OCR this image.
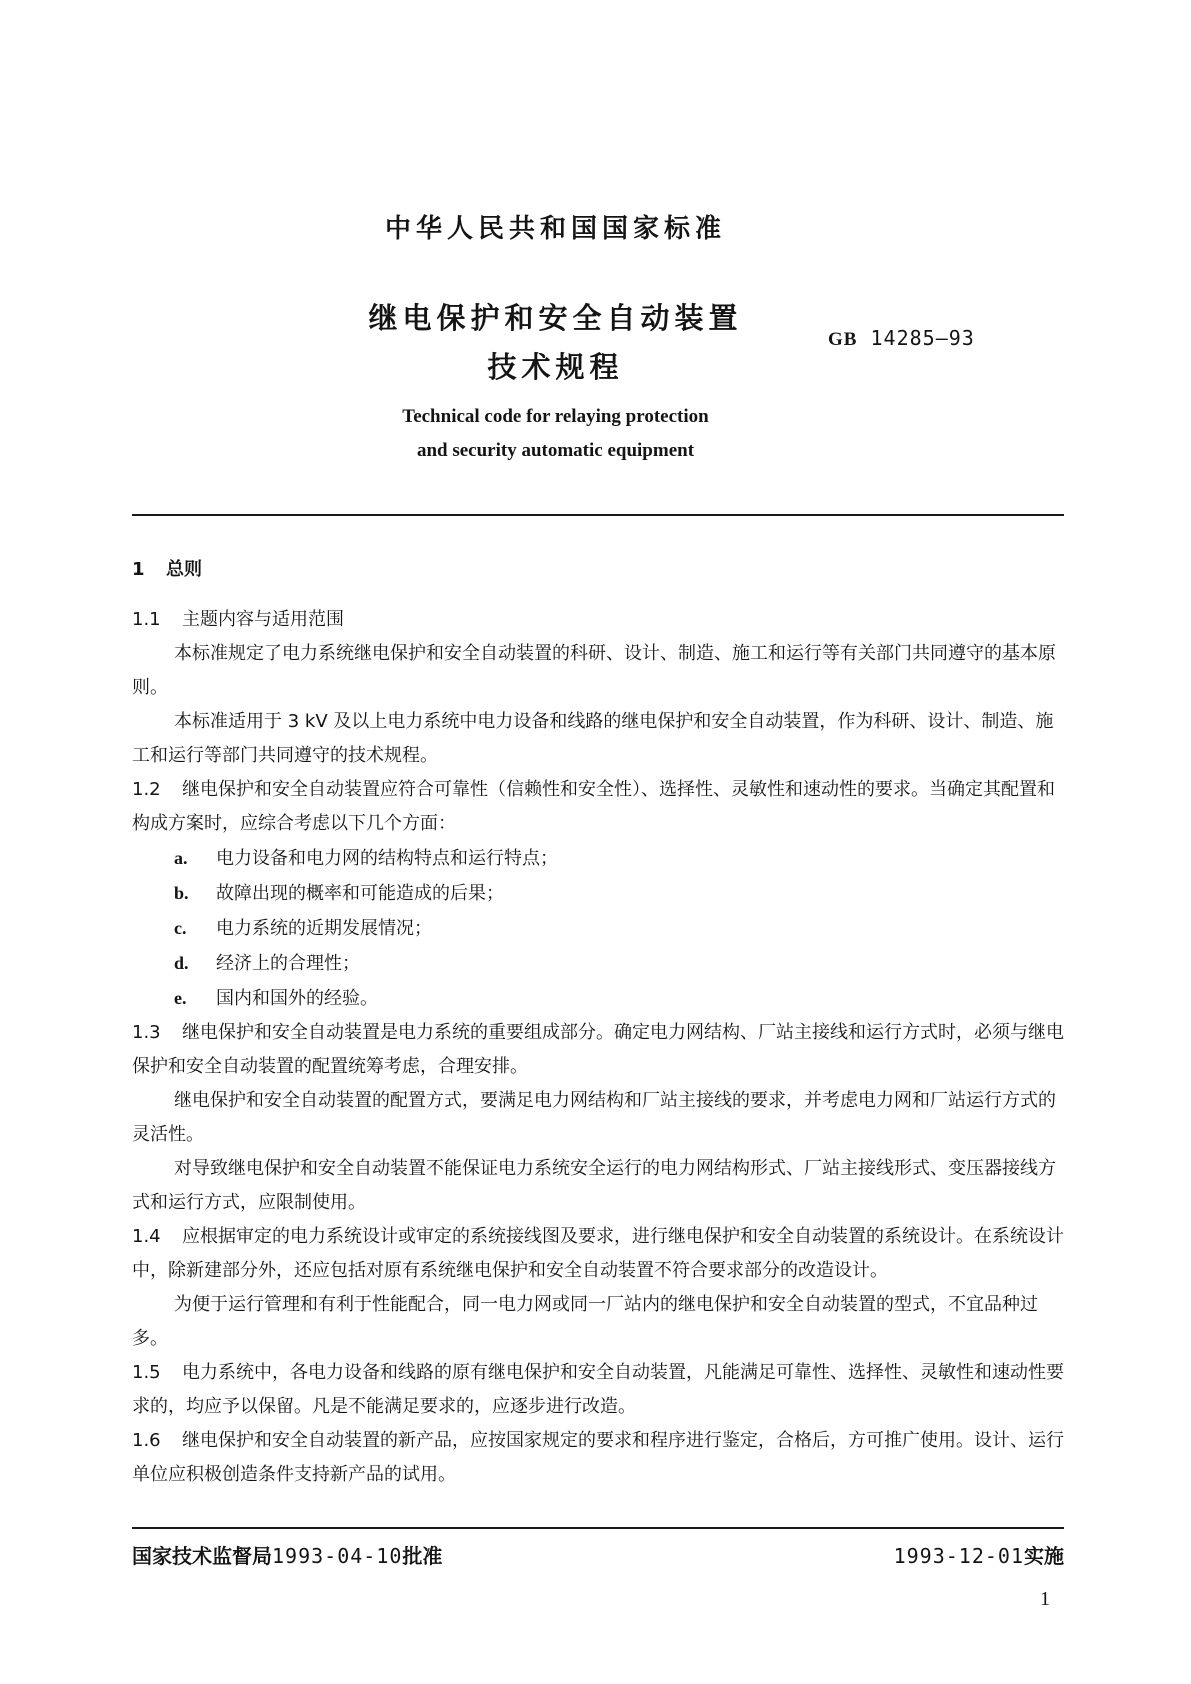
中华人民共和国国家标准
继电保护和安全自动装置
技术规程
GB 14285—93
Technical code for relaying protection
and security automatic equipment

1 总则

1.1 主题内容与适用范围

本标准规定了电力系统继电保护和安全自动装置的科研、设计、制造、施工和运行等有关部门共同遵守的基本原则。

本标准适用于 3 kV 及以上电力系统中电力设备和线路的继电保护和安全自动装置，作为科研、设计、制造、施工和运行等部门共同遵守的技术规程。

1.2 继电保护和安全自动装置应符合可靠性（信赖性和安全性）、选择性、灵敏性和速动性的要求。当确定其配置和构成方案时，应综合考虑以下几个方面：

a. 电力设备和电力网的结构特点和运行特点；

b. 故障出现的概率和可能造成的后果；

c. 电力系统的近期发展情况；

d. 经济上的合理性；

e. 国内和国外的经验。

1.3 继电保护和安全自动装置是电力系统的重要组成部分。确定电力网结构、厂站主接线和运行方式时，必须与继电保护和安全自动装置的配置统筹考虑，合理安排。

继电保护和安全自动装置的配置方式，要满足电力网结构和厂站主接线的要求，并考虑电力网和厂站运行方式的灵活性。

对导致继电保护和安全自动装置不能保证电力系统安全运行的电力网结构形式、厂站主接线形式、变压器接线方式和运行方式，应限制使用。

1.4 应根据审定的电力系统设计或审定的系统接线图及要求，进行继电保护和安全自动装置的系统设计。在系统设计中，除新建部分外，还应包括对原有系统继电保护和安全自动装置不符合要求部分的改造设计。

为便于运行管理和有利于性能配合，同一电力网或同一厂站内的继电保护和安全自动装置的型式，不宜品种过多。

1.5 电力系统中，各电力设备和线路的原有继电保护和安全自动装置，凡能满足可靠性、选择性、灵敏性和速动性要求的，均应予以保留。凡是不能满足要求的，应逐步进行改造。

1.6 继电保护和安全自动装置的新产品，应按国家规定的要求和程序进行鉴定，合格后，方可推广使用。设计、运行单位应积极创造条件支持新产品的试用。

国家技术监督局1993-04-10批准	1993-12-01实施
1
